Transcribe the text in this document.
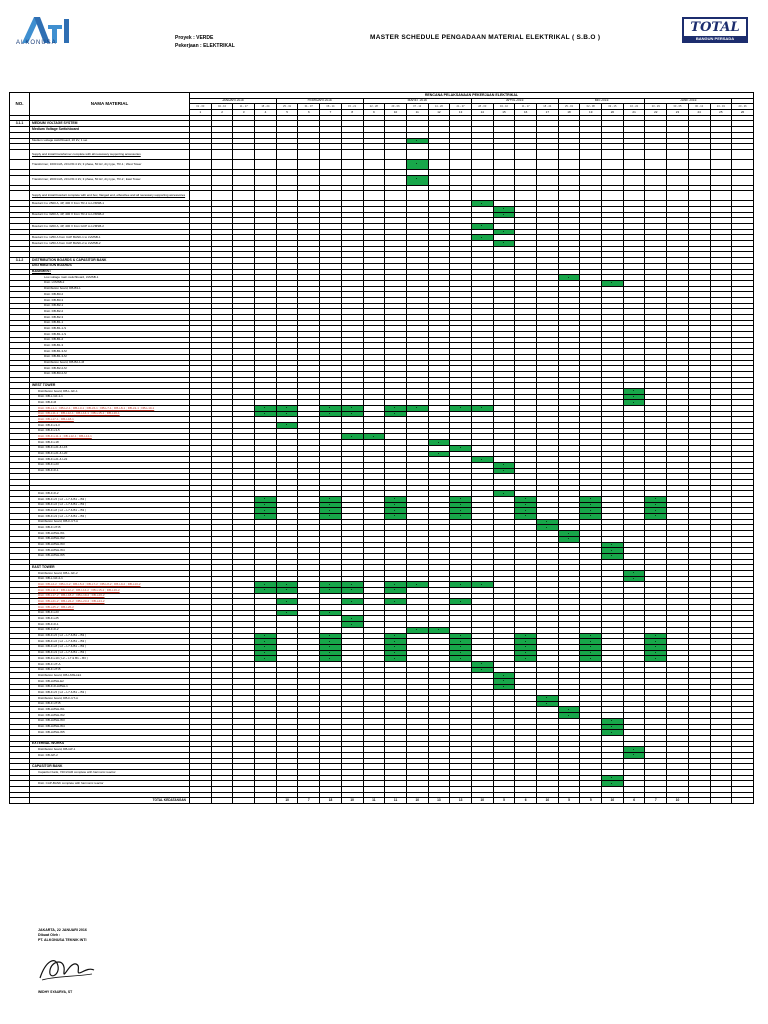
ALKONUSA
Proyek : VERDE
Pekerjaan : ELEKTRIKAL
MASTER SCHEDULE PENGADAAN MATERIAL ELEKTRIKAL ( S.B.O )
TOTAL
BANGUN PERSADA
NO.	NAMA MATERIAL	RENCANA PELAKSANAAN PEKERJAAN ELEKTRIKAL																									
		JANUARI 2016				FEBRUARI 2016				MARET 2016					APRIL 2016				MEI 2016				JUNE 2016				
		01 - 03	04 - 10	11 - 17	18 - 24	25 - 31	01 - 07	08 - 14	15 - 21	22 - 28	29 - 06	07 - 13	14 - 20	21 - 27	28 - 03	04 - 10	11 - 17	18 - 24	25 - 01	02 - 08	09 - 15	16 - 22	23 - 29	30 - 05	06 - 12	13 - 19	20 - 26
		1	2	3	4	5	6	7	8	9	10	11	12	13	14	15	16	17	18	19	20	21	22	23	24	25	26

3.1.1	MEDIUM VOLTAGE SYSTEM																										
	Medium Voltage Switchboard																										

	Medium voltage switchboard, 20 kV, 1 set																										

	Supply and install transformer complete with all necessary supporting accessories																										
	Transformer, 1600 kVA, 20 kV/0.4 kV, 3 phase, 50 Hz, dry type, TR-1 ; West Tower																										

	Transformer, 2000 kVA, 20 kV/0.4 kV, 3 phase, 50 Hz, dry type, TR-2 ; East Tower																										

	Supply and install busduct complete with end box, flanged end, elbow/tee and all necessary supporting accessories																										
	Busduct Cu. 2500 A, 4P, 400 V from TR-1 to LVMSB-1																										

	Busduct Cu. 3200 A, 4P, 400 V from TR-2 to LVMSB-2																										

	Busduct Cu. 3200 A, 4P, 400 V from GCP to LVMSB-2																										

	Busduct Cu. 1250 A from CAP BANK-1 to LVMSB-1																										
	Busduct Cu. 1250 A from CAP BANK-2 to LVMSB-2																										

3.1.2	DISTRIBUTION BOARDS & CAPASITOR BANK																										
	DISTRIBUTION BOARDS																										
	BASEMENT																										
	Low voltage main switchboard, LVMSB-1																										
	Distr. LVMSB-2																										
	Distribution board, DB-B3-1																										
	Distr. DB-B3-2																										
	Distr. DB-B3-3																										
	Distr. DB-B2-1																										
	Distr. DB-B2-2																										
	Distr. DB-B2-3																										
	Distr. DB-B1-1																										
	Distr. DB-B1-1-S																										
	Distr. DB-B1-1-S																										
	Distr. DB-B1-2																										
	Distr. DB-B1-3																										
	Distr. DB-B1-3-M																										
	Distr. DB-B1-3-M																										
	Distribution board, DB-B2-1-M																										
	Distr. DB-B2-2-M																										
	Distr. DB-B3-2-M																										

	WEST TOWER																										
	Distribution board, DB-L.GF-1																										
	Distr. DB-L.GF-1-1																										
	Distr. DB-F-M																										
	Distr. DB-L1-1 ; DB-L2-1 ; DB-L3-1 ; DB-L5-1 ; DB-L7-1 ; DB-L8-1 ; DB-L9-1 ; DB-L10-1																										
	Distr. DB-L11-1 ; DB-L12-1 ; DB-L14-1 ; DB-L15-1 ; DB-L16-1																										
	Distr. DB-L17-1 ; DB-L18-1																										
	Distr. DB-F-L3-3																										
	Distr. DB-F-L3-5																										
	Distr. DB-F-L11-1 ; DB-L12-1 ; DB-L14-1																										
	Distr. DB-F-L18																										
	Distr. DB-F-L21 & L15																										
	Distr. DB-F-L21 & L20																										
	Distr. DB-F-L21 & L22																										
	Distr. DB-F-L23																										
	Distr. DB-F-R-1																										

	Distr. DB-F-R-2																										
	Distr. DB-F-L5 ( L2 ~ L7 & B1 ~ B3 )																										
	Distr. DB-F-L6 ( L2 ~ L7 & B1 ~ B3 )																										
	Distr. DB-F-L8 ( L2 ~ L7 & B1 ~ B3 )																										
	Distr. DB-F-L9 ( L2 ~ L7 & B1 ~ B3 )																										
	Distribution board, DB-F-UT-A																										
	Distr. DB-F-UT-B																										
	Distr. DB-LMSH-W1																										
	Distr. DB-LMSH-W2																										
	Distr. DB-LMSH-W3																										
	Distr. DB-LMSH-W4																										
	Distr. DB-LMSH-W5																										

	EAST TOWER																										
	Distribution board, DB-L.GF-2																										
	Distr. DB-L.GF-2-1																										
	Distr. DB-L2-2 ; DB-L3-2 ; DB-L5-2 ; DB-L7-2 ; DB-L8-2 ; DB-L9-2 ; DB-L10-2																										
	Distr. DB-L11-2 ; DB-L12-2 ; DB-L14-2 ; DB-L15-2 ; DB-L16-2																										
	Distr. DB-L17-2 ; DB-L18-2 ; DB-L19-2 ; DB-L20-2																										
	Distr. DB-L21-2 ; DB-L22-2 ; DB-L23-2 ; DB-L24-2																										
	Distr. DB-L25-2 ; DB-L26-2																										
	Distr. DB-F-L23																										
	Distr. DB-F-L25																										
	Distr. DB-F-R-1																										
	Distr. DB-F-R-2																										
	Distr. DB-F-L5 ( L2 ~ L7 & B1 ~ B3 )																										
	Distr. DB-F-L6 ( L2 ~ L7 & B1 ~ B3 )																										
	Distr. DB-F-L8 ( L2 ~ L7 & B1 ~ B3 )																										
	Distr. DB-F-L9 ( L2 ~ L7 & B1 ~ B3 )																										
	Distr. DB-F-L10 ( L2 ~ L7 & B1 ~ B3 )																										
	Distr. DB-F-UT-A																										
	Distr. DB-F-UT-B																										
	Distribution board, DB-LMSH-E1																										
	Distr. DB-LMSH-E2																										
	Distr. DB-F-R-LMSH-1																										
	Distr. DB-F-L5 ( L2 ~ L7 & B1 ~ B3 )																										
	Distribution board, DB-F-UT-A																										
	Distr. DB-F-UT-B																										
	Distr. DB-LMSH-W1																										
	Distr. DB-LMSH-W2																										
	Distr. DB-LMSH-W3																										
	Distr. DB-LMSH-W4																										
	Distr. DB-LMSH-W5																										

	EXTERNAL WORKS																										
	Distribution board, DB-GP-1																										
	Distr. DB-GP-2																										

	CAPASITOR BANK																										
	Capacitor bank, 720 kVAR complete with harmonic reactor																										

	Distr. CAP-BANK complete with harmonic reactor																										

	TOTAL KEDATANGAN					10	7	18	10	11	11	10	13	13	10	5	6	10	5	5	10	6	7	10			
JAKARTA, 22 JANUARI 2016
Dibuat Oleh :
PT. ALKONUSA TEKNIK INTI
WIDHY SYAURYA, ST
